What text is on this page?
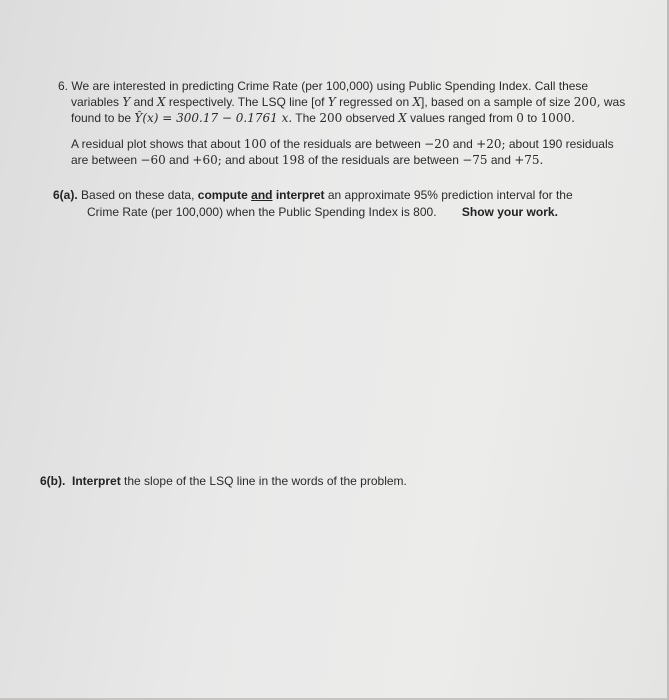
6. We are interested in predicting Crime Rate (per 100,000) using Public Spending Index. Call these
variables Y and X respectively. The LSQ line [of Y regressed on X], based on a sample of size 200, was
found to be Ŷ(x) = 300.17 − 0.1761 x. The 200 observed X values ranged from 0 to 1000.
A residual plot shows that about 100 of the residuals are between −20 and +20; about 190 residuals
are between −60 and +60; and about 198 of the residuals are between −75 and +75.
6(a). Based on these data, compute and interpret an approximate 95% prediction interval for the
Crime Rate (per 100,000) when the Public Spending Index is 800. Show your work.
6(b). Interpret the slope of the LSQ line in the words of the problem.
